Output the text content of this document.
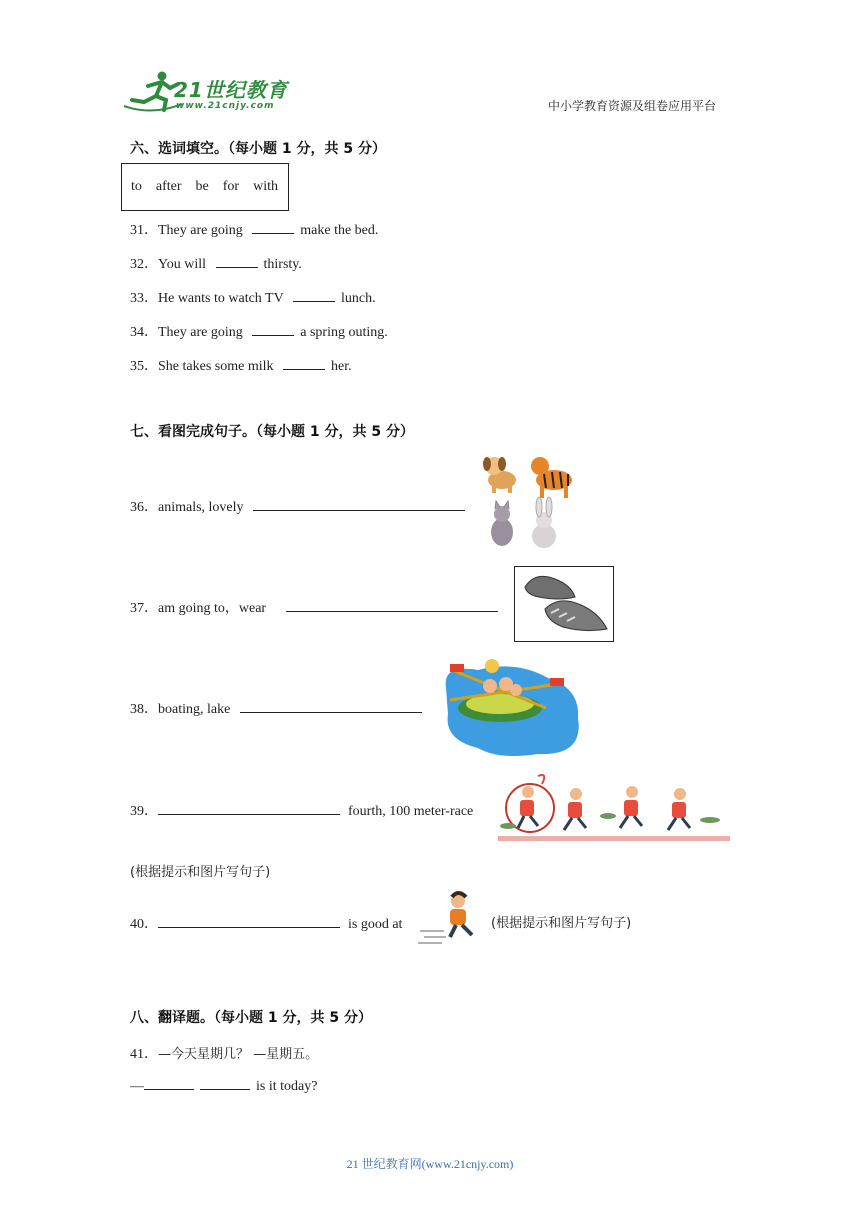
21世纪教育
www.21cnjy.com	中小学教育资源及组卷应用平台
六、选词填空。（每小题 1 分，共 5 分）
to after be for with
31．They are going	make the bed.
32．You will	thirsty.
33．He wants to watch TV	lunch.
34．They are going	a spring outing.
35．She takes some milk	her.
七、看图完成句子。（每小题 1 分，共 5 分）
36．animals, lovely
37．am going to，wear
38．boating, lake
39．	fourth, 100 meter-race
(根据提示和图片写句子)
40．	is good at	(根据提示和图片写句子)
八、翻译题。（每小题 1 分，共 5 分）
41．—今天星期几？ —星期五。
—	is it today?
21 世纪教育网(www.21cnjy.com)
